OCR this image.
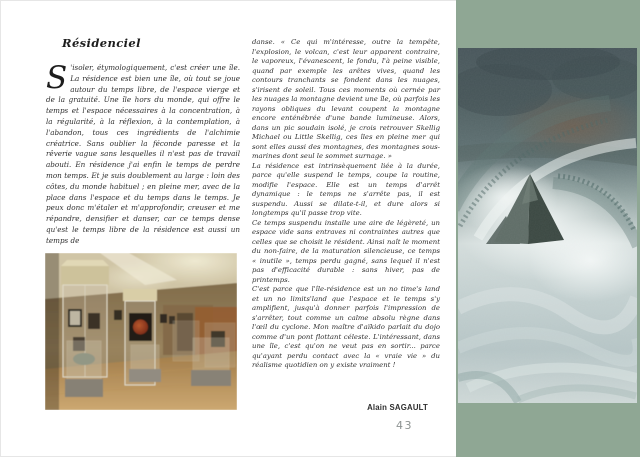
Résidenciel

S 'isoler, étymologiquement, c'est créer une île. La résidence est bien une île, où tout se joue autour du temps libre, de l'espace vierge et de la gratuité. Une île hors du monde, qui offre le temps et l'espace nécessaires à la concentration, à la régularité, à la réflexion, à la contemplation, à l'abandon, tous ces ingrédients de l'alchimie créatrice. Sans oublier la féconde paresse et la rêverie vague sans lesquelles il n'est pas de travail abouti. En résidence j'ai enfin le temps de perdre mon temps. Et je suis doublement au large : loin des côtes, du monde habituel ; en pleine mer, avec de la place dans l'espace et du temps dans le temps. Je peux donc m'étaler et m'approfondir, creuser et me répandre, densifier et danser, car ce temps dense qu'est le temps libre de la résidence est aussi un temps de

danse. « Ce qui m'intéresse, outre la tempête, l'explosion, le volcan, c'est leur apparent contraire, le vaporeux, l'évanescent, le fondu, l'à peine visible, quand par exemple les arêtes vives, quand les contours tranchants se fondent dans les nuages, s'irisent de soleil. Tous ces moments où cernée par les nuages la montagne devient une île, où parfois les rayons obliques du levant coupent la montagne encore enténébrée d'une bande lumineuse. Alors, dans un pic soudain isolé, je crois retrouver Skellig Michael ou Little Skellig, ces îles en pleine mer qui sont elles aussi des montagnes, des montagnes sous-marines dont seul le sommet surnage. »

La résidence est intrinsèquement liée à la durée, parce qu'elle suspend le temps, coupe la routine, modifie l'espace. Elle est un temps d'arrêt dynamique : le temps ne s'arrête pas, il est suspendu. Aussi se dilate-t-il, et dure alors si longtemps qu'il passe trop vite.

Ce temps suspendu installe une aire de légèreté, un espace vide sans entraves ni contraintes autres que celles que se choisit le résident. Ainsi naît le moment du non-faire, de la maturation silencieuse, ce temps « inutile », temps perdu gagné, sans lequel il n'est pas d'efficacité durable : sans hiver, pas de printemps.

C'est parce que l'île-résidence est un no time's land et un no limits'land que l'espace et le temps s'y amplifient, jusqu'à donner parfois l'impression de s'arrêter, tout comme un calme absolu règne dans l'œil du cyclone. Mon maître d'aïkido parlait du dojo comme d'un pont flottant céleste. L'intéressant, dans une île, c'est qu'on ne veut pas en sortir... parce qu'ayant perdu contact avec la « vraie vie » du réalisme quotidien on y existe vraiment !

Alain SAGAULT
43
